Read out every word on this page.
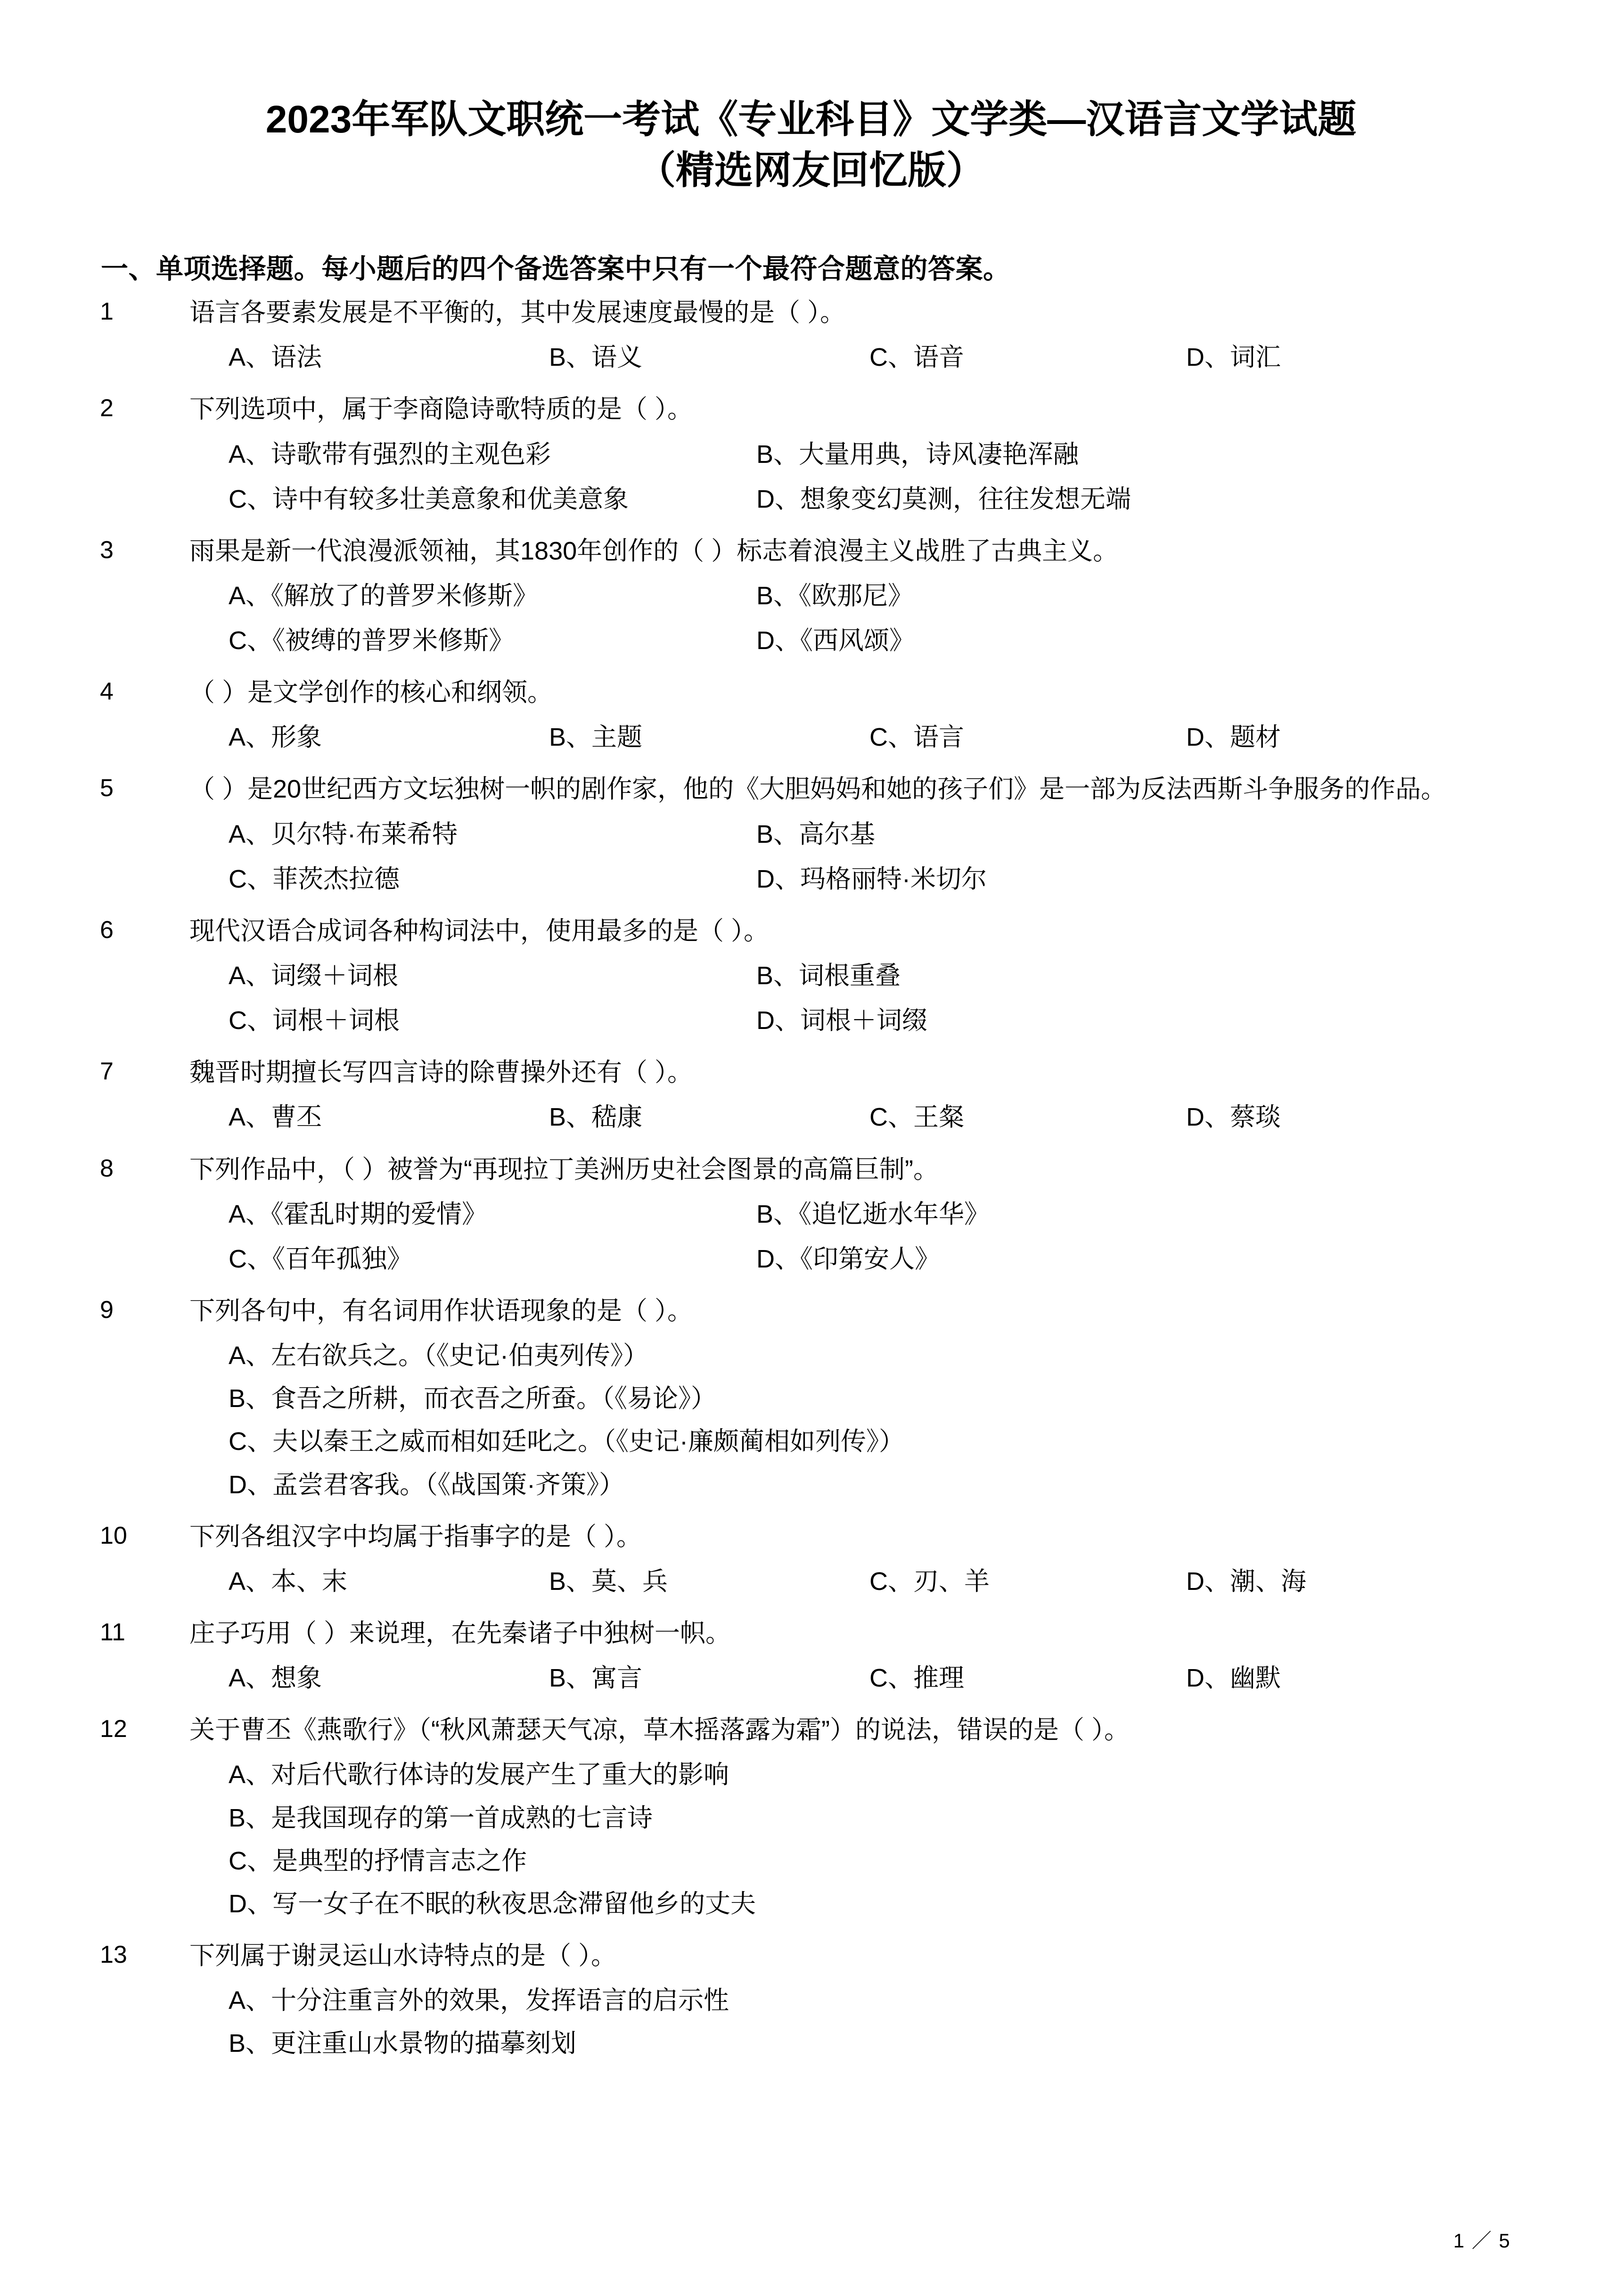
2023年军队文职统一考试《专业科目》文学类—汉语言文学试题
（精选网友回忆版）
一、单项选择题。每小题后的四个备选答案中只有一个最符合题意的答案。
1	语言各要素发展是不平衡的，其中发展速度最慢的是（ ）。
A、语法	B、语义	C、语音	D、词汇
2	下列选项中，属于李商隐诗歌特质的是（ ）。
A、诗歌带有强烈的主观色彩	B、大量用典，诗风凄艳浑融
C、诗中有较多壮美意象和优美意象	D、想象变幻莫测，往往发想无端
3	雨果是新一代浪漫派领袖，其1830年创作的（ ）标志着浪漫主义战胜了古典主义。
A、《解放了的普罗米修斯》	B、《欧那尼》
C、《被缚的普罗米修斯》	D、《西风颂》
4	（ ）是文学创作的核心和纲领。
A、形象	B、主题	C、语言	D、题材
5	（ ）是20世纪西方文坛独树一帜的剧作家，他的《大胆妈妈和她的孩子们》是一部为反法西斯斗争服务的作品。
A、贝尔特·布莱希特	B、高尔基
C、菲茨杰拉德	D、玛格丽特·米切尔
6	现代汉语合成词各种构词法中，使用最多的是（ ）。
A、词缀＋词根	B、词根重叠
C、词根＋词根	D、词根＋词缀
7	魏晋时期擅长写四言诗的除曹操外还有（ ）。
A、曹丕	B、嵇康	C、王粲	D、蔡琰
8	下列作品中，（ ）被誉为“再现拉丁美洲历史社会图景的高篇巨制”。
A、《霍乱时期的爱情》	B、《追忆逝水年华》
C、《百年孤独》	D、《印第安人》
9	下列各句中，有名词用作状语现象的是（ ）。
A、左右欲兵之。（《史记·伯夷列传》）
B、食吾之所耕，而衣吾之所蚕。（《易论》）
C、夫以秦王之威而相如廷叱之。（《史记·廉颇蔺相如列传》）
D、孟尝君客我。（《战国策·齐策》）
10	下列各组汉字中均属于指事字的是（ ）。
A、本、末	B、莫、兵	C、刃、羊	D、潮、海
11	庄子巧用（ ）来说理，在先秦诸子中独树一帜。
A、想象	B、寓言	C、推理	D、幽默
12	关于曹丕《燕歌行》（“秋风萧瑟天气凉，草木摇落露为霜”）的说法，错误的是（ ）。
A、对后代歌行体诗的发展产生了重大的影响
B、是我国现存的第一首成熟的七言诗
C、是典型的抒情言志之作
D、写一女子在不眠的秋夜思念滞留他乡的丈夫
13	下列属于谢灵运山水诗特点的是（ ）。
A、十分注重言外的效果，发挥语言的启示性
B、更注重山水景物的描摹刻划
1 ／ 5
